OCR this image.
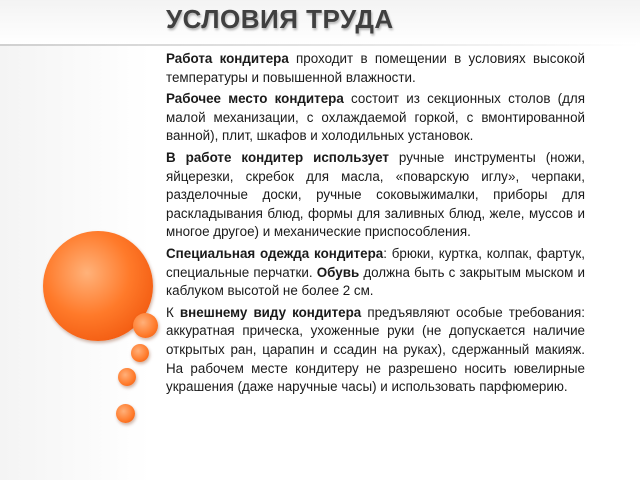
УСЛОВИЯ ТРУДА

Работа кондитера проходит в помещении в условиях высокой температуры и повышенной влажности.

Рабочее место кондитера состоит из секционных столов (для малой механизации, с охлаждаемой горкой, с вмонтированной ванной), плит, шкафов и холодильных установок.

В работе кондитер использует ручные инструменты (ножи, яйцерезки, скребок для масла, «поварскую иглу», черпаки, разделочные доски, ручные соковыжималки, приборы для раскладывания блюд, формы для заливных блюд, желе, муссов и многое другое) и механические приспособления.

Специальная одежда кондитера: брюки, куртка, колпак, фартук, специальные перчатки. Обувь должна быть с закрытым мыском и каблуком высотой не более 2 см.

К внешнему виду кондитера предъявляют особые требования: аккуратная прическа, ухоженные руки (не допускается наличие открытых ран, царапин и ссадин на руках), сдержанный макияж. На рабочем месте кондитеру не разрешено носить ювелирные украшения (даже наручные часы) и использовать парфюмерию.
